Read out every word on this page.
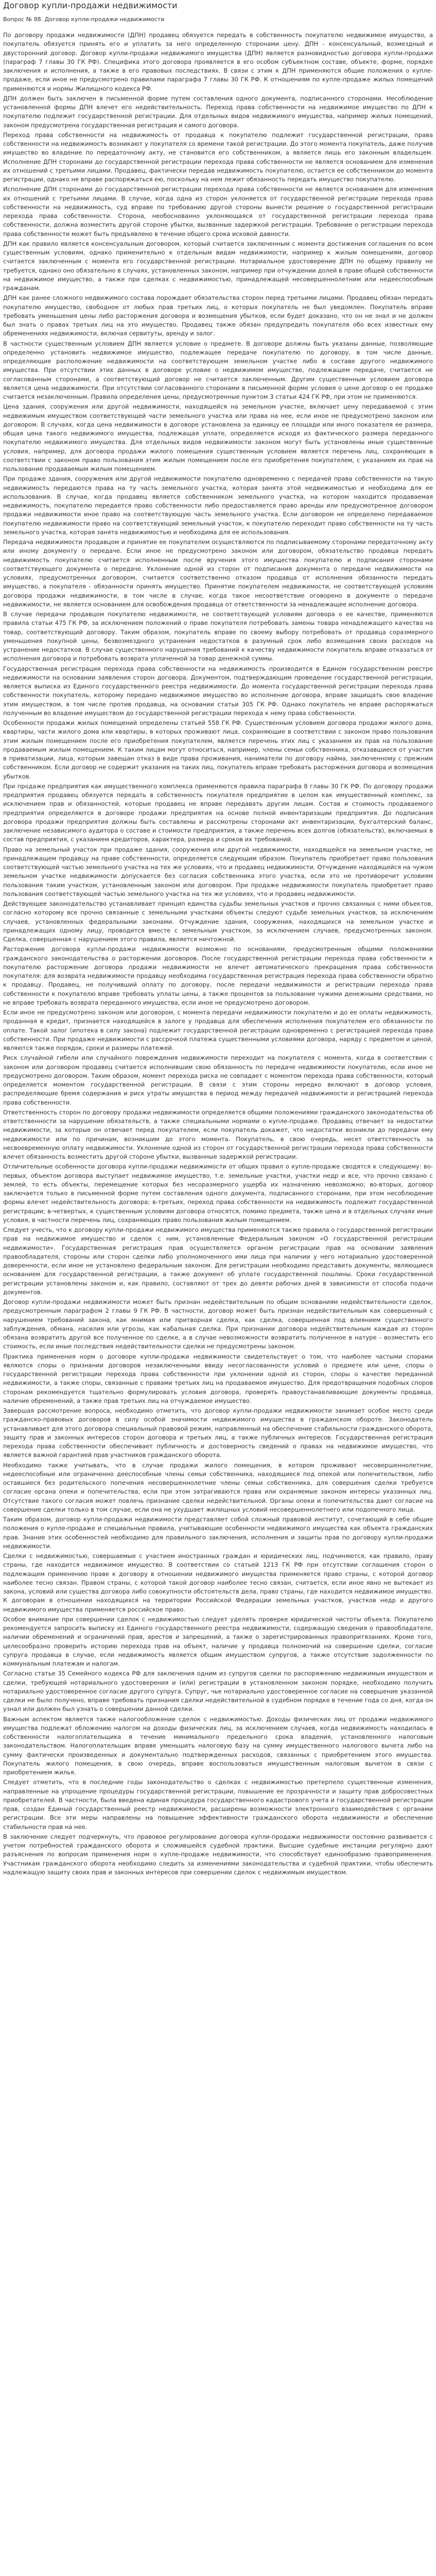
Договор купли-продажи недвижимости
Вопрос № 88. Договор купли-продажи недвижимости

По договору продажи недвижимости (ДПН) продавец обязуется передать в собственность покупателю недвижимое имущество, а покупатель обязуется принять его и уплатить за него определенную сторонами цену. ДПН - консенсуальный, возмездный и двусторонний договор. Договор купли-продажи недвижимого имущества (ДПН) является разновидностью договора купли-продажи (параграф 7 главы 30 ГК РФ). Специфика этого договора проявляется в его особом субъектном составе, объекте, форме, порядке заключения и исполнения, а также в его правовых последствиях. В связи с этим к ДПН применяются общие положения о купле-продаже, если иное не предусмотрено правилами параграфа 7 главы 30 ГК РФ. К отношениям по купле-продаже жилых помещений применяются и нормы Жилищного кодекса РФ.

ДПН должен быть заключен в письменной форме путем составления одного документа, подписанного сторонами. Несоблюдение установленной формы ДПН влечет его недействительность. Переход права собственности на недвижимое имущество по ДПН к покупателю подлежит государственной регистрации. Для отдельных видов недвижимого имущества, например жилых помещений, законом предусмотрена государственная регистрация и самого договора.

Переход права собственности на недвижимость от продавца к покупателю подлежит государственной регистрации, права собственности на недвижимость возникают у покупателя со времени такой регистрации. До этого момента покупатель, даже получив имущество во владение по передаточному акту, не становится его собственником, а является лишь его законным владельцем. Исполнение ДПН сторонами до государственной регистрации перехода права собственности не является основанием для изменения их отношений с третьими лицами. Продавец, фактически передав недвижимость покупателю, остается ее собственником до момента регистрации, однако не вправе распоряжаться ею, поскольку на нем лежит обязанность передать имущество покупателю.

Исполнение ДПН сторонами до государственной регистрации перехода права собственности не является основанием для изменения их отношений с третьими лицами. В случае, когда одна из сторон уклоняется от государственной регистрации перехода права собственности на недвижимость, суд вправе по требованию другой стороны вынести решение о государственной регистрации перехода права собственности. Сторона, необоснованно уклоняющаяся от государственной регистрации перехода права собственности, должна возместить другой стороне убытки, вызванные задержкой регистрации. Требование о регистрации перехода права собственности может быть предъявлено в течение общего срока исковой давности.

ДПН как правило является консенсуальным договором, который считается заключенным с момента достижения соглашения по всем существенным условиям, однако применительно к отдельным видам недвижимости, например к жилым помещениям, договор считается заключенным с момента его государственной регистрации. Нотариальное удостоверение ДПН по общему правилу не требуется, однако оно обязательно в случаях, установленных законом, например при отчуждении долей в праве общей собственности на недвижимое имущество, а также при сделках с недвижимостью, принадлежащей несовершеннолетним или недееспособным гражданам.

ДПН как ранее сложного недвижимого состава порождает обязательства сторон перед третьими лицами. Продавец обязан передать покупателю имущество, свободное от любых прав третьих лиц, о которых покупатель не был уведомлен. Покупатель вправе требовать уменьшения цены либо расторжения договора и возмещения убытков, если будет доказано, что он не знал и не должен был знать о правах третьих лиц на это имущество. Продавец также обязан предупредить покупателя обо всех известных ему обременениях недвижимости, включая сервитуты, аренду и залог.

В частности существенным условием ДПН является условие о предмете. В договоре должны быть указаны данные, позволяющие определенно установить недвижимое имущество, подлежащее передаче покупателю по договору, в том числе данные, определяющие расположение недвижимости на соответствующем земельном участке либо в составе другого недвижимого имущества. При отсутствии этих данных в договоре условие о недвижимом имуществе, подлежащем передаче, считается не согласованным сторонами, а соответствующий договор не считается заключенным. Другим существенным условием договора является цена недвижимости. При отсутствии согласованного сторонами в письменной форме условия о цене договор о ее продаже считается незаключенным. Правила определения цены, предусмотренные пунктом 3 статьи 424 ГК РФ, при этом не применяются.

Цена здания, сооружения или другой недвижимости, находящейся на земельном участке, включает цену передаваемой с этим недвижимым имуществом соответствующей части земельного участка или права на нее, если иное не предусмотрено законом или договором. В случаях, когда цена недвижимости в договоре установлена за единицу ее площади или иного показателя ее размера, общая цена такого недвижимого имущества, подлежащая уплате, определяется исходя из фактического размера переданного покупателю недвижимого имущества. Для отдельных видов недвижимости законом могут быть установлены иные существенные условия, например, для договора продажи жилого помещения существенным условием является перечень лиц, сохраняющих в соответствии с законом право пользования этим жилым помещением после его приобретения покупателем, с указанием их прав на пользование продаваемым жилым помещением.

При продаже здания, сооружения или другой недвижимости покупателю одновременно с передачей права собственности на такую недвижимость передаются права на ту часть земельного участка, которая занята этой недвижимостью и необходима для ее использования. В случае, когда продавец является собственником земельного участка, на котором находится продаваемая недвижимость, покупателю передается право собственности либо предоставляется право аренды или предусмотренное договором продажи недвижимости иное право на соответствующую часть земельного участка. Если договором не определено передаваемое покупателю недвижимости право на соответствующий земельный участок, к покупателю переходит право собственности на ту часть земельного участка, которая занята недвижимостью и необходима для ее использования.

Передача недвижимости продавцом и принятие ее покупателем осуществляются по подписываемому сторонами передаточному акту или иному документу о передаче. Если иное не предусмотрено законом или договором, обязательство продавца передать недвижимость покупателю считается исполненным после вручения этого имущества покупателю и подписания сторонами соответствующего документа о передаче. Уклонение одной из сторон от подписания документа о передаче недвижимости на условиях, предусмотренных договором, считается соответственно отказом продавца от исполнения обязанности передать имущество, а покупателя - обязанности принять имущество. Принятие покупателем недвижимости, не соответствующей условиям договора продажи недвижимости, в том числе в случае, когда такое несоответствие оговорено в документе о передаче недвижимости, не является основанием для освобождения продавца от ответственности за ненадлежащее исполнение договора.

В случае передачи продавцом покупателю недвижимости, не соответствующей условиям договора о ее качестве, применяются правила статьи 475 ГК РФ, за исключением положений о праве покупателя потребовать замены товара ненадлежащего качества на товар, соответствующий договору. Таким образом, покупатель вправе по своему выбору потребовать от продавца соразмерного уменьшения покупной цены, безвозмездного устранения недостатков в разумный срок либо возмещения своих расходов на устранение недостатков. В случае существенного нарушения требований к качеству недвижимости покупатель вправе отказаться от исполнения договора и потребовать возврата уплаченной за товар денежной суммы.

Государственная регистрация перехода права собственности на недвижимость производится в Едином государственном реестре недвижимости на основании заявления сторон договора. Документом, подтверждающим проведение государственной регистрации, является выписка из Единого государственного реестра недвижимости. До момента государственной регистрации перехода права собственности покупатель, которому передано недвижимое имущество во исполнение договора, вправе защищать свое владение этим имуществом, в том числе против продавца, на основании статьи 305 ГК РФ. Однако покупатель не вправе распоряжаться полученным во владение имуществом до государственной регистрации перехода к нему права собственности.

Особенности продажи жилых помещений определены статьей 558 ГК РФ. Существенным условием договора продажи жилого дома, квартиры, части жилого дома или квартиры, в которых проживают лица, сохраняющие в соответствии с законом право пользования этим жилым помещением после его приобретения покупателем, является перечень этих лиц с указанием их прав на пользование продаваемым жилым помещением. К таким лицам могут относиться, например, члены семьи собственника, отказавшиеся от участия в приватизации, лица, которым завещан отказ в виде права проживания, наниматели по договору найма, заключенному с прежним собственником. Если договор не содержит указания на таких лиц, покупатель вправе требовать расторжения договора и возмещения убытков.

При продаже предприятия как имущественного комплекса применяются правила параграфа 8 главы 30 ГК РФ. По договору продажи предприятия продавец обязуется передать в собственность покупателя предприятие в целом как имущественный комплекс, за исключением прав и обязанностей, которые продавец не вправе передавать другим лицам. Состав и стоимость продаваемого предприятия определяются в договоре продажи предприятия на основе полной инвентаризации предприятия. До подписания договора продажи предприятия должны быть составлены и рассмотрены сторонами акт инвентаризации, бухгалтерский баланс, заключение независимого аудитора о составе и стоимости предприятия, а также перечень всех долгов (обязательств), включаемых в состав предприятия, с указанием кредиторов, характера, размера и сроков их требований.

Право на земельный участок при продаже здания, сооружения или другой недвижимости, находящейся на земельном участке, не принадлежащем продавцу на праве собственности, определяется следующим образом. Покупатель приобретает право пользования соответствующей частью земельного участка на тех же условиях, что и продавец недвижимости. Отчуждение находящейся на чужом земельном участке недвижимости допускается без согласия собственника этого участка, если это не противоречит условиям пользования таким участком, установленным законом или договором. При продаже недвижимости покупатель приобретает право пользования соответствующей частью земельного участка на тех же условиях, что и продавец недвижимости.

Действующее законодательство устанавливает принцип единства судьбы земельных участков и прочно связанных с ними объектов, согласно которому все прочно связанные с земельными участками объекты следуют судьбе земельных участков, за исключением случаев, установленных федеральными законами. Отчуждение здания, сооружения, находящихся на земельном участке и принадлежащих одному лицу, проводится вместе с земельным участком, за исключением случаев, предусмотренных законом. Сделка, совершенная с нарушением этого правила, является ничтожной.

Расторжение договора купли-продажи недвижимости возможно по основаниям, предусмотренным общими положениями гражданского законодательства о расторжении договоров. После государственной регистрации перехода права собственности к покупателю расторжение договора продажи недвижимости не влечет автоматического прекращения права собственности покупателя: для возврата недвижимости продавцу необходима государственная регистрация перехода права собственности обратно к продавцу. Продавец, не получивший оплату по договору, после передачи недвижимости и регистрации перехода права собственности к покупателю вправе требовать уплаты цены, а также процентов за пользование чужими денежными средствами, но не вправе требовать возврата переданного имущества, если иное не предусмотрено договором.

Если иное не предусмотрено законом или договором, с момента передачи недвижимости покупателю и до ее оплаты недвижимость, проданная в кредит, признается находящейся в залоге у продавца для обеспечения исполнения покупателем его обязанности по оплате. Такой залог (ипотека в силу закона) подлежит государственной регистрации одновременно с регистрацией перехода права собственности. При продаже недвижимости с рассрочкой платежа существенными условиями договора, наряду с предметом и ценой, являются также порядок, сроки и размеры платежей.

Риск случайной гибели или случайного повреждения недвижимости переходит на покупателя с момента, когда в соответствии с законом или договором продавец считается исполнившим свою обязанность по передаче недвижимости покупателю, если иное не предусмотрено договором. Таким образом, момент перехода риска не совпадает с моментом перехода права собственности, который определяется моментом государственной регистрации. В связи с этим стороны нередко включают в договор условия, распределяющие бремя содержания и риск утраты имущества в период между передачей недвижимости и регистрацией перехода права собственности.

Ответственность сторон по договору продажи недвижимости определяется общими положениями гражданского законодательства об ответственности за нарушение обязательств, а также специальными нормами о купле-продаже. Продавец отвечает за недостатки недвижимости, за которые он отвечает перед покупателем, если покупатель докажет, что недостатки возникли до передачи ему недвижимости или по причинам, возникшим до этого момента. Покупатель, в свою очередь, несет ответственность за несвоевременную оплату недвижимости. Уклонение одной из сторон от государственной регистрации перехода права собственности влечет обязанность возместить другой стороне убытки, вызванные задержкой регистрации.

Отличительные особенности договора купли-продажи недвижимости от общих правил о купле-продаже сводятся к следующему: во-первых, объектом договора выступает недвижимое имущество, т.е. земельные участки, участки недр и все, что прочно связано с землей, то есть объекты, перемещение которых без несоразмерного ущерба их назначению невозможно; во-вторых, договор заключается только в письменной форме путем составления одного документа, подписанного сторонами, при этом несоблюдение формы влечет недействительность договора; в-третьих, переход права собственности на недвижимость подлежит государственной регистрации; в-четвертых, к существенным условиям договора относятся, помимо предмета, также цена и в отдельных случаях иные условия, в частности перечень лиц, сохраняющих право пользования жилым помещением.

Следует учесть, что к договору купли-продажи недвижимого имущества применяются также правила о государственной регистрации прав на недвижимое имущество и сделок с ним, установленные Федеральным законом «О государственной регистрации недвижимости». Государственная регистрация прав осуществляется органом регистрации прав на основании заявления правообладателя, стороны или сторон сделки либо уполномоченного ими лица при наличии у него нотариально удостоверенной доверенности, если иное не установлено федеральным законом. Для регистрации необходимо представить документы, являющиеся основанием для государственной регистрации, а также документ об уплате государственной пошлины. Сроки государственной регистрации установлены законом и, как правило, составляют от трех до девяти рабочих дней в зависимости от способа подачи документов.

Договор купли-продажи недвижимости может быть признан недействительным по общим основаниям недействительности сделок, предусмотренным параграфом 2 главы 9 ГК РФ. В частности, договор может быть признан недействительным как совершенный с нарушением требований закона, как мнимая или притворная сделка, как сделка, совершенная под влиянием существенного заблуждения, обмана, насилия или угрозы, как кабальная сделка. При признании договора недействительным каждая из сторон обязана возвратить другой все полученное по сделке, а в случае невозможности возвратить полученное в натуре - возместить его стоимость, если иные последствия недействительности сделки не предусмотрены законом.

Практика применения норм о договоре купли-продажи недвижимости свидетельствует о том, что наиболее частыми спорами являются споры о признании договоров незаключенными ввиду несогласованности условий о предмете или цене, споры о государственной регистрации перехода права собственности при уклонении одной из сторон, споры о качестве переданной недвижимости, а также споры, связанные с правами третьих лиц на продаваемое имущество. Для предотвращения подобных споров сторонам рекомендуется тщательно формулировать условия договора, проверять правоустанавливающие документы продавца, наличие обременений, а также прав третьих лиц на отчуждаемое имущество.

Завершая рассмотрение вопроса, необходимо отметить, что договор купли-продажи недвижимости занимает особое место среди гражданско-правовых договоров в силу особой значимости недвижимого имущества в гражданском обороте. Законодатель устанавливает для этого договора специальный правовой режим, направленный на обеспечение стабильности гражданского оборота, защиту прав и законных интересов сторон договора и третьих лиц, а также публичных интересов. Государственная регистрация перехода права собственности обеспечивает публичность и достоверность сведений о правах на недвижимое имущество, что является важной гарантией прав участников гражданского оборота.

Необходимо также учитывать, что в случае продажи жилого помещения, в котором проживают несовершеннолетние, недееспособные или ограниченно дееспособные члены семьи собственника, находящиеся под опекой или попечительством, либо оставшиеся без родительского попечения несовершеннолетние члены семьи собственника, для совершения сделки требуется согласие органа опеки и попечительства, если при этом затрагиваются права или охраняемые законом интересы указанных лиц. Отсутствие такого согласия может повлечь признание сделки недействительной. Органы опеки и попечительства дают согласие на совершение сделки только в том случае, если она не ухудшает жилищных условий несовершеннолетнего или подопечного лица.

Таким образом, договор купли-продажи недвижимости представляет собой сложный правовой институт, сочетающий в себе общие положения о купле-продаже и специальные правила, учитывающие особенности недвижимого имущества как объекта гражданских прав. Знание этих особенностей необходимо для правильного заключения, исполнения и защиты прав по договору купли-продажи недвижимости.

Сделки с недвижимостью, совершаемые с участием иностранных граждан и юридических лиц, подчиняются, как правило, праву страны, где находится недвижимое имущество. В соответствии со статьей 1213 ГК РФ при отсутствии соглашения сторон о подлежащем применению праве к договору в отношении недвижимого имущества применяется право страны, с которой договор наиболее тесно связан. Правом страны, с которой такой договор наиболее тесно связан, считается, если иное явно не вытекает из закона, условий или существа договора либо совокупности обстоятельств дела, право страны, где находится недвижимое имущество. К договорам в отношении находящихся на территории Российской Федерации земельных участков, участков недр и другого недвижимого имущества применяется российское право.

Особое внимание при совершении сделок с недвижимостью следует уделять проверке юридической чистоты объекта. Покупателю рекомендуется запросить выписку из Единого государственного реестра недвижимости, содержащую сведения о правообладателе, наличии обременений и ограничений прав, арестов и запрещений, а также о зарегистрированных правопритязаниях. Кроме того, целесообразно проверить историю перехода прав на объект, наличие у продавца полномочий на совершение сделки, согласие супруга продавца в случае, если недвижимость является общим имуществом супругов, а также отсутствие задолженности по коммунальным платежам и налогам.

Согласно статье 35 Семейного кодекса РФ для заключения одним из супругов сделки по распоряжению недвижимым имуществом и сделки, требующей нотариального удостоверения и (или) регистрации в установленном законом порядке, необходимо получить нотариально удостоверенное согласие другого супруга. Супруг, чье нотариально удостоверенное согласие на совершение указанной сделки не было получено, вправе требовать признания сделки недействительной в судебном порядке в течение года со дня, когда он узнал или должен был узнать о совершении данной сделки.

Важным аспектом является также налогообложение сделок с недвижимостью. Доходы физических лиц от продажи недвижимого имущества подлежат обложению налогом на доходы физических лиц, за исключением случаев, когда недвижимость находилась в собственности налогоплательщика в течение минимального предельного срока владения, установленного налоговым законодательством. Налогоплательщик вправе уменьшить налоговую базу на сумму имущественного налогового вычета либо на сумму фактически произведенных и документально подтвержденных расходов, связанных с приобретением этого имущества. Покупатель жилого помещения, в свою очередь, вправе воспользоваться имущественным налоговым вычетом в связи с приобретением жилья.

Следует отметить, что в последние годы законодательство о сделках с недвижимостью претерпело существенные изменения, направленные на упрощение процедуры государственной регистрации, повышение ее прозрачности и защиту прав добросовестных приобретателей. В частности, была введена единая процедура государственного кадастрового учета и государственной регистрации прав, создан Единый государственный реестр недвижимости, расширены возможности электронного взаимодействия с органами регистрации. Все эти меры направлены на повышение эффективности гражданского оборота недвижимости и обеспечение стабильности прав на нее.

В заключение следует подчеркнуть, что правовое регулирование договора купли-продажи недвижимости постоянно развивается с учетом потребностей гражданского оборота и сложившейся судебной практики. Высшие судебные инстанции регулярно дают разъяснения по вопросам применения норм о купле-продаже недвижимости, что способствует единообразию правоприменения. Участникам гражданского оборота необходимо следить за изменениями законодательства и судебной практики, чтобы обеспечить надлежащую защиту своих прав и законных интересов при совершении сделок с недвижимым имуществом.
